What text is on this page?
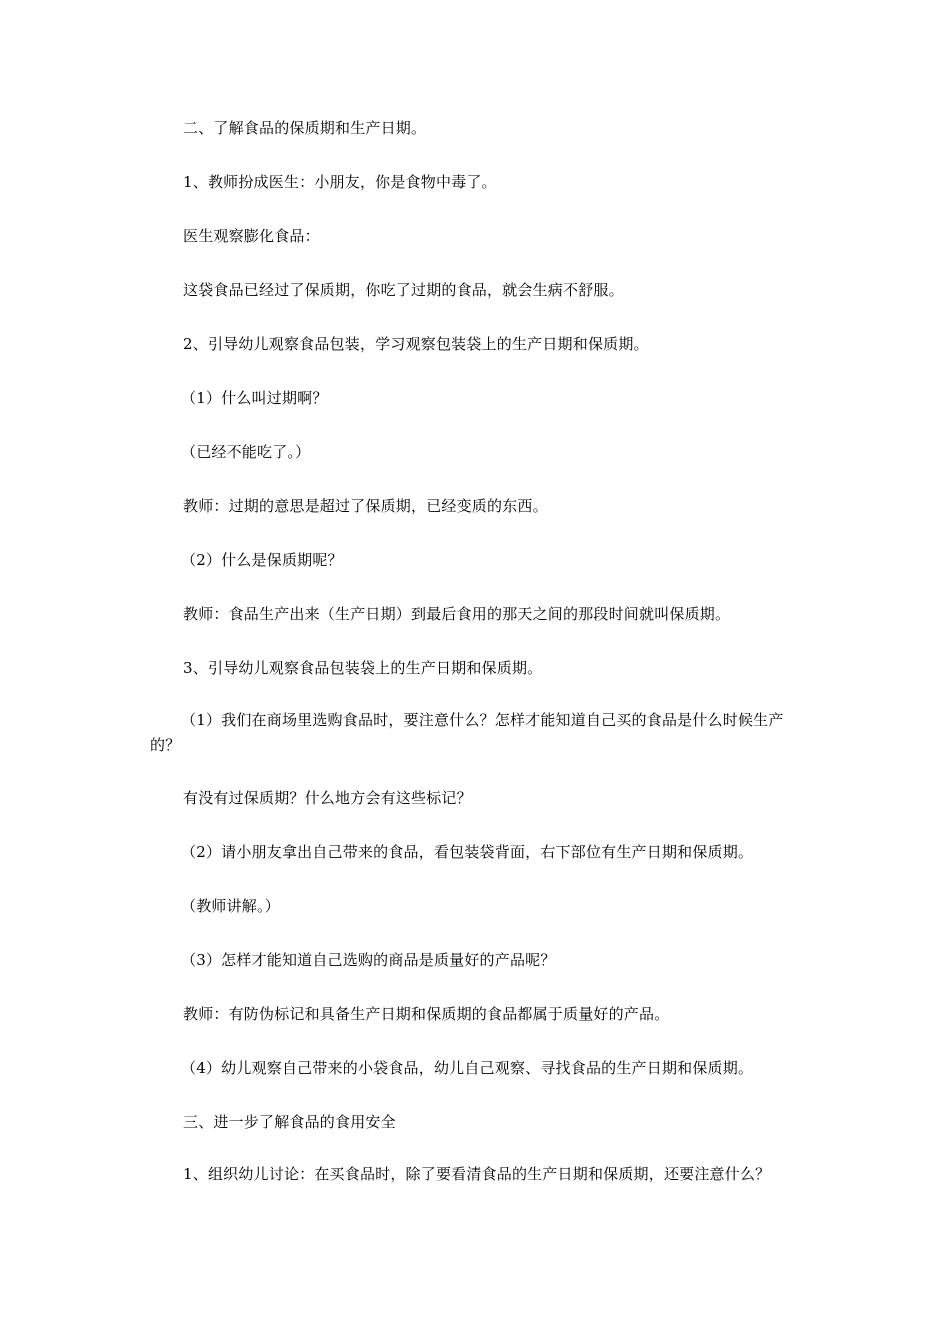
二、了解食品的保质期和生产日期。

1、教师扮成医生：小朋友，你是食物中毒了。

医生观察膨化食品：

这袋食品已经过了保质期，你吃了过期的食品，就会生病不舒服。

2、引导幼儿观察食品包装，学习观察包装袋上的生产日期和保质期。

（1）什么叫过期啊？

（已经不能吃了。）

教师：过期的意思是超过了保质期，已经变质的东西。

（2）什么是保质期呢？

教师：食品生产出来（生产日期）到最后食用的那天之间的那段时间就叫保质期。

3、引导幼儿观察食品包装袋上的生产日期和保质期。

（1）我们在商场里选购食品时，要注意什么？怎样才能知道自己买的食品是什么时候生产的？

有没有过保质期？什么地方会有这些标记？

（2）请小朋友拿出自己带来的食品，看包装袋背面，右下部位有生产日期和保质期。

（教师讲解。）

（3）怎样才能知道自己选购的商品是质量好的产品呢？

教师：有防伪标记和具备生产日期和保质期的食品都属于质量好的产品。

（4）幼儿观察自己带来的小袋食品，幼儿自己观察、寻找食品的生产日期和保质期。

三、进一步了解食品的食用安全

1、组织幼儿讨论：在买食品时，除了要看清食品的生产日期和保质期，还要注意什么？
